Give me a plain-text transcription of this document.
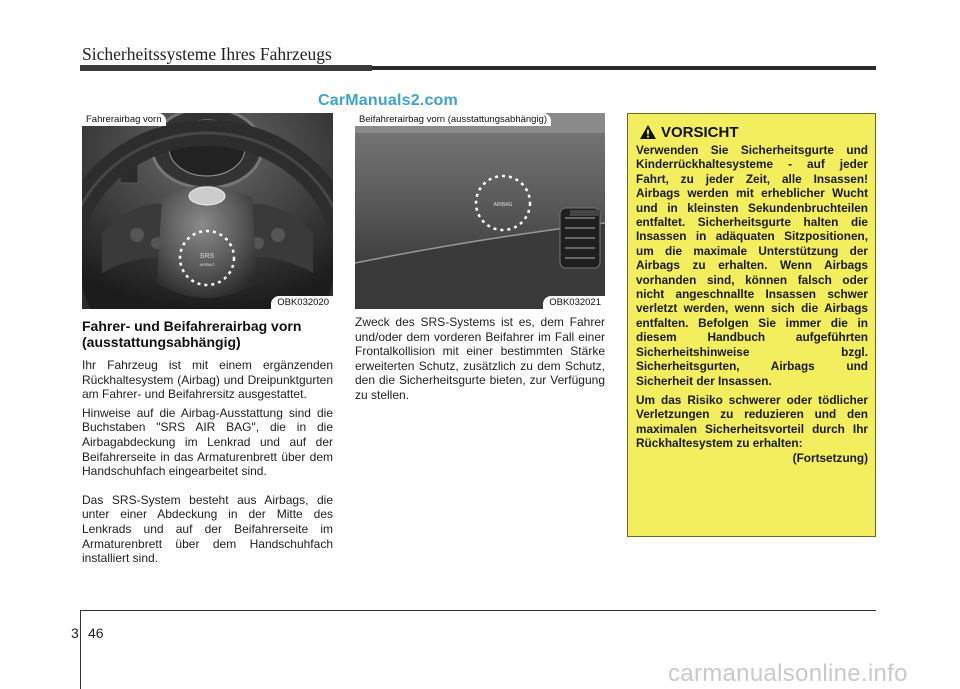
Sicherheitssysteme Ihres Fahrzeugs
CarManuals2.com
SRS
AIRBAG
Fahrerairbag vorn
OBK032020
AIRBAG
Beifahrerairbag vorn (ausstattungsabhängig)
OBK032021
Fahrer- und Beifahrerairbag vorn (ausstattungsabhängig)

Ihr Fahrzeug ist mit einem ergänzenden Rückhaltesystem (Airbag) und Dreipunktgurten am Fahrer- und Beifahrersitz ausgestattet.

Hinweise auf die Airbag-Ausstattung sind die Buchstaben "SRS AIR BAG", die in die Airbagabdeckung im Lenkrad und auf der Beifahrerseite in das Armaturenbrett über dem Handschuhfach eingearbeitet sind.

Das SRS-System besteht aus Airbags, die unter einer Abdeckung in der Mitte des Lenkrads und auf der Beifahrerseite im Armaturenbrett über dem Handschuhfach installiert sind.

Zweck des SRS-Systems ist es, dem Fahrer und/oder dem vorderen Beifahrer im Fall einer Frontalkollision mit einer bestimmten Stärke erweiterten Schutz, zusätzlich zu dem Schutz, den die Sicherheitsgurte bieten, zur Verfügung zu stellen.

VORSICHT

Verwenden Sie Sicherheitsgurte und Kinderrückhaltesysteme - auf jeder Fahrt, zu jeder Zeit, alle Insassen! Airbags werden mit erheblicher Wucht und in kleinsten Sekundenbruchteilen entfaltet. Sicherheitsgurte halten die Insassen in adäquaten Sitzpositionen, um die maximale Unterstützung der Airbags zu erhalten. Wenn Airbags vorhanden sind, können falsch oder nicht angeschnallte Insassen schwer verletzt werden, wenn sich die Airbags entfalten. Befolgen Sie immer die in diesem Handbuch aufgeführten Sicherheitshinweise bzgl. Sicherheitsgurten, Airbags und Sicherheit der Insassen.

Um das Risiko schwerer oder tödlicher Verletzungen zu reduzieren und den maximalen Sicherheitsvorteil durch Ihr Rückhaltesystem zu erhalten:

(Fortsetzung)

3 46
carmanualsonline.info
